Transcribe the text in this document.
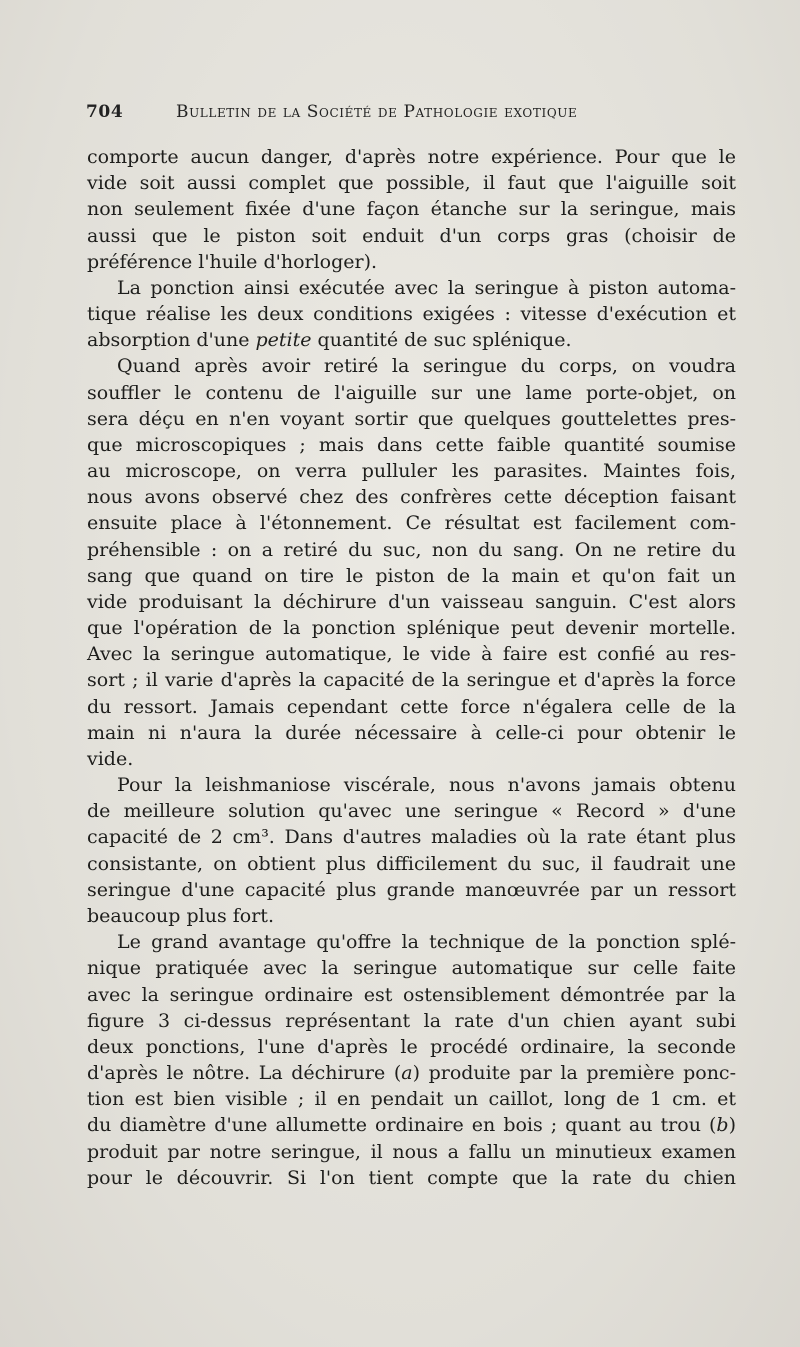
704	Bulletin de la Société de Pathologie exotique
comporte aucun danger, d'après notre expérience. Pour que le
vide soit aussi complet que possible, il faut que l'aiguille soit
non seulement fixée d'une façon étanche sur la seringue, mais
aussi que le piston soit enduit d'un corps gras (choisir de
préférence l'huile d'horloger).
La ponction ainsi exécutée avec la seringue à piston automa-
tique réalise les deux conditions exigées : vitesse d'exécution et
absorption d'une petite quantité de suc splénique.
Quand après avoir retiré la seringue du corps, on voudra
souffler le contenu de l'aiguille sur une lame porte-objet, on
sera déçu en n'en voyant sortir que quelques gouttelettes pres-
que microscopiques ; mais dans cette faible quantité soumise
au microscope, on verra pulluler les parasites. Maintes fois,
nous avons observé chez des confrères cette déception faisant
ensuite place à l'étonnement. Ce résultat est facilement com-
préhensible : on a retiré du suc, non du sang. On ne retire du
sang que quand on tire le piston de la main et qu'on fait un
vide produisant la déchirure d'un vaisseau sanguin. C'est alors
que l'opération de la ponction splénique peut devenir mortelle.
Avec la seringue automatique, le vide à faire est confié au res-
sort ; il varie d'après la capacité de la seringue et d'après la force
du ressort. Jamais cependant cette force n'égalera celle de la
main ni n'aura la durée nécessaire à celle-ci pour obtenir le
vide.
Pour la leishmaniose viscérale, nous n'avons jamais obtenu
de meilleure solution qu'avec une seringue « Record » d'une
capacité de 2 cm³. Dans d'autres maladies où la rate étant plus
consistante, on obtient plus difficilement du suc, il faudrait une
seringue d'une capacité plus grande manœuvrée par un ressort
beaucoup plus fort.
Le grand avantage qu'offre la technique de la ponction splé-
nique pratiquée avec la seringue automatique sur celle faite
avec la seringue ordinaire est ostensiblement démontrée par la
figure 3 ci-dessus représentant la rate d'un chien ayant subi
deux ponctions, l'une d'après le procédé ordinaire, la seconde
d'après le nôtre. La déchirure (a) produite par la première ponc-
tion est bien visible ; il en pendait un caillot, long de 1 cm. et
du diamètre d'une allumette ordinaire en bois ; quant au trou (b)
produit par notre seringue, il nous a fallu un minutieux examen
pour le découvrir. Si l'on tient compte que la rate du chien
